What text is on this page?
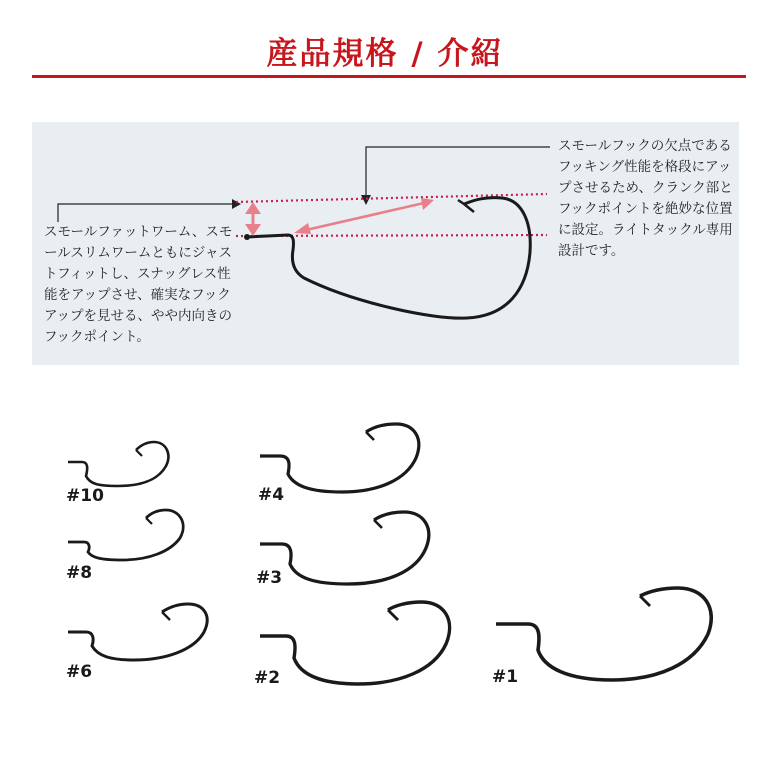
産品規格 / 介紹

スモールファットワーム、スモールスリムワームともにジャストフィットし、スナッグレス性能をアップさせ、確実なフックアップを見せる、やや内向きのフックポイント。

スモールフックの欠点であるフッキング性能を格段にアップさせるため、クランク部とフックポイントを絶妙な位置に設定。ライトタックル専用設計です。

#10
#8
#6
#4
#3
#2	#1
